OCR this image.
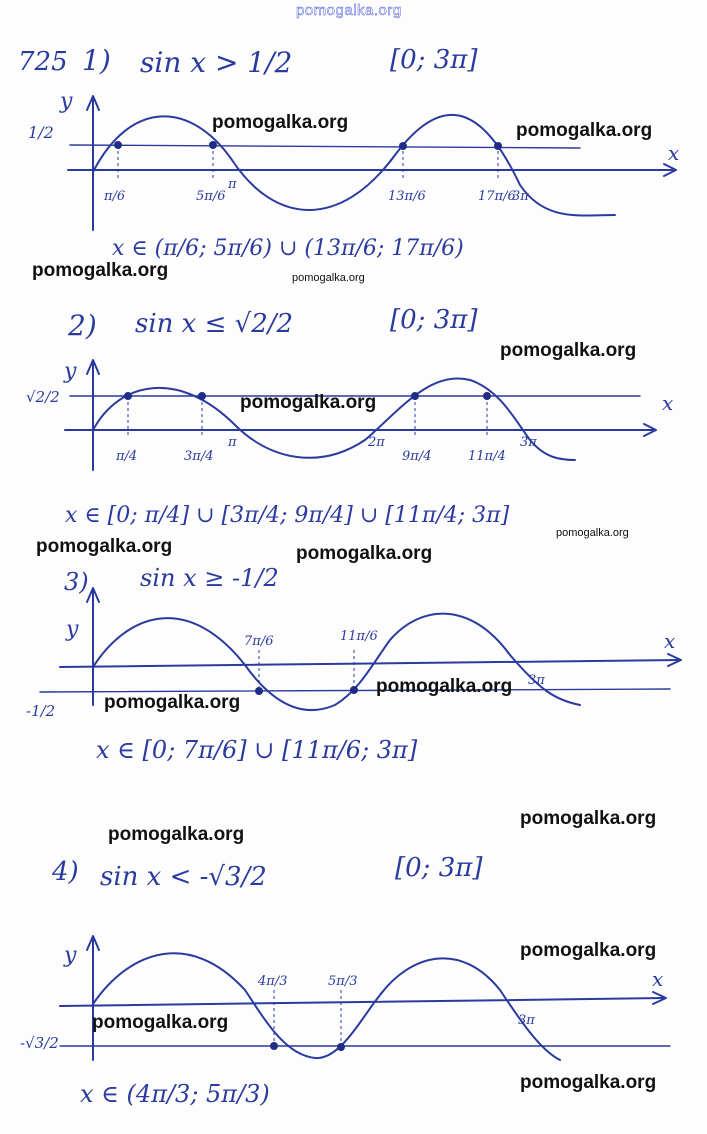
725 1) sin x > 1/2	[0; 3π]
y
x
1/2
π/6	5π/6
π
13π/6	17π/6
3π
x ∈ (π/6; 5π/6) ∪ (13π/6; 17π/6)
2) sin x ≤ √2/2	[0; 3π]
y
x
√2/2
π/4	3π/4
π	2π
9π/4	11π/4
3π
x ∈ [0; π/4] ∪ [3π/4; 9π/4] ∪ [11π/4; 3π]
3) sin x ≥ -1/2
y	x
-1/2
7π/6	11π/6
3π
x ∈ [0; 7π/6] ∪ [11π/6; 3π]
4) sin x < -√3/2	[0; 3π]
y
x
-√3/2
4π/3	5π/3
3π
x ∈ (4π/3; 5π/3)
pomogalka.org
pomogalka.org	pomogalka.org
pomogalka.org	pomogalka.org
pomogalka.org
pomogalka.org
pomogalka.org
pomogalka.org
pomogalka.org
pomogalka.org
pomogalka.org
pomogalka.org
pomogalka.org
pomogalka.org
pomogalka.org
pomogalka.org
